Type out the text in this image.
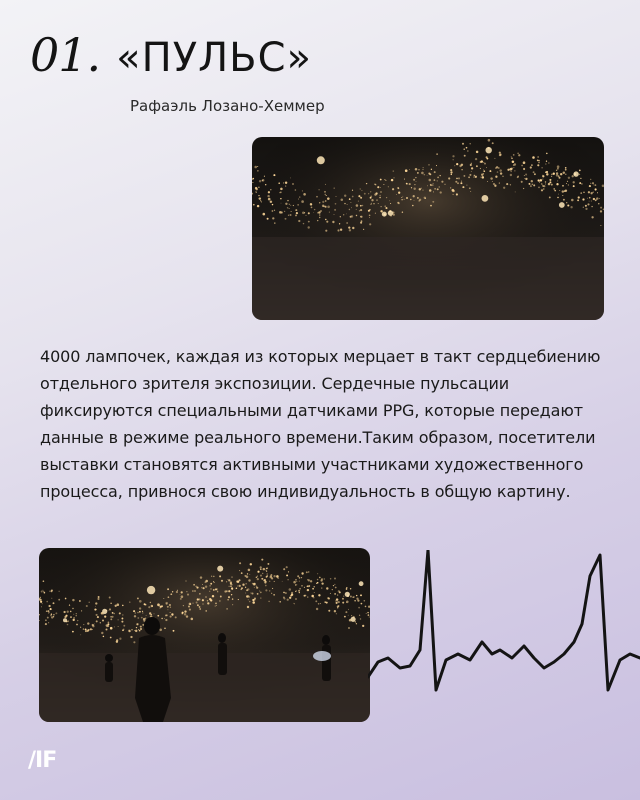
01. «ПУЛЬС»

Рафаэль Лозано-Хеммер

4000 лампочек, каждая из которых мерцает в такт сердцебиению отдельного зрителя экспозиции. Сердечные пульсации фиксируются специальными датчиками PPG, которые передают данные в режиме реального времени.Таким образом, посетители выставки становятся активными участниками художественного процесса, привнося свою индивидуальность в общую картину.

/IF
